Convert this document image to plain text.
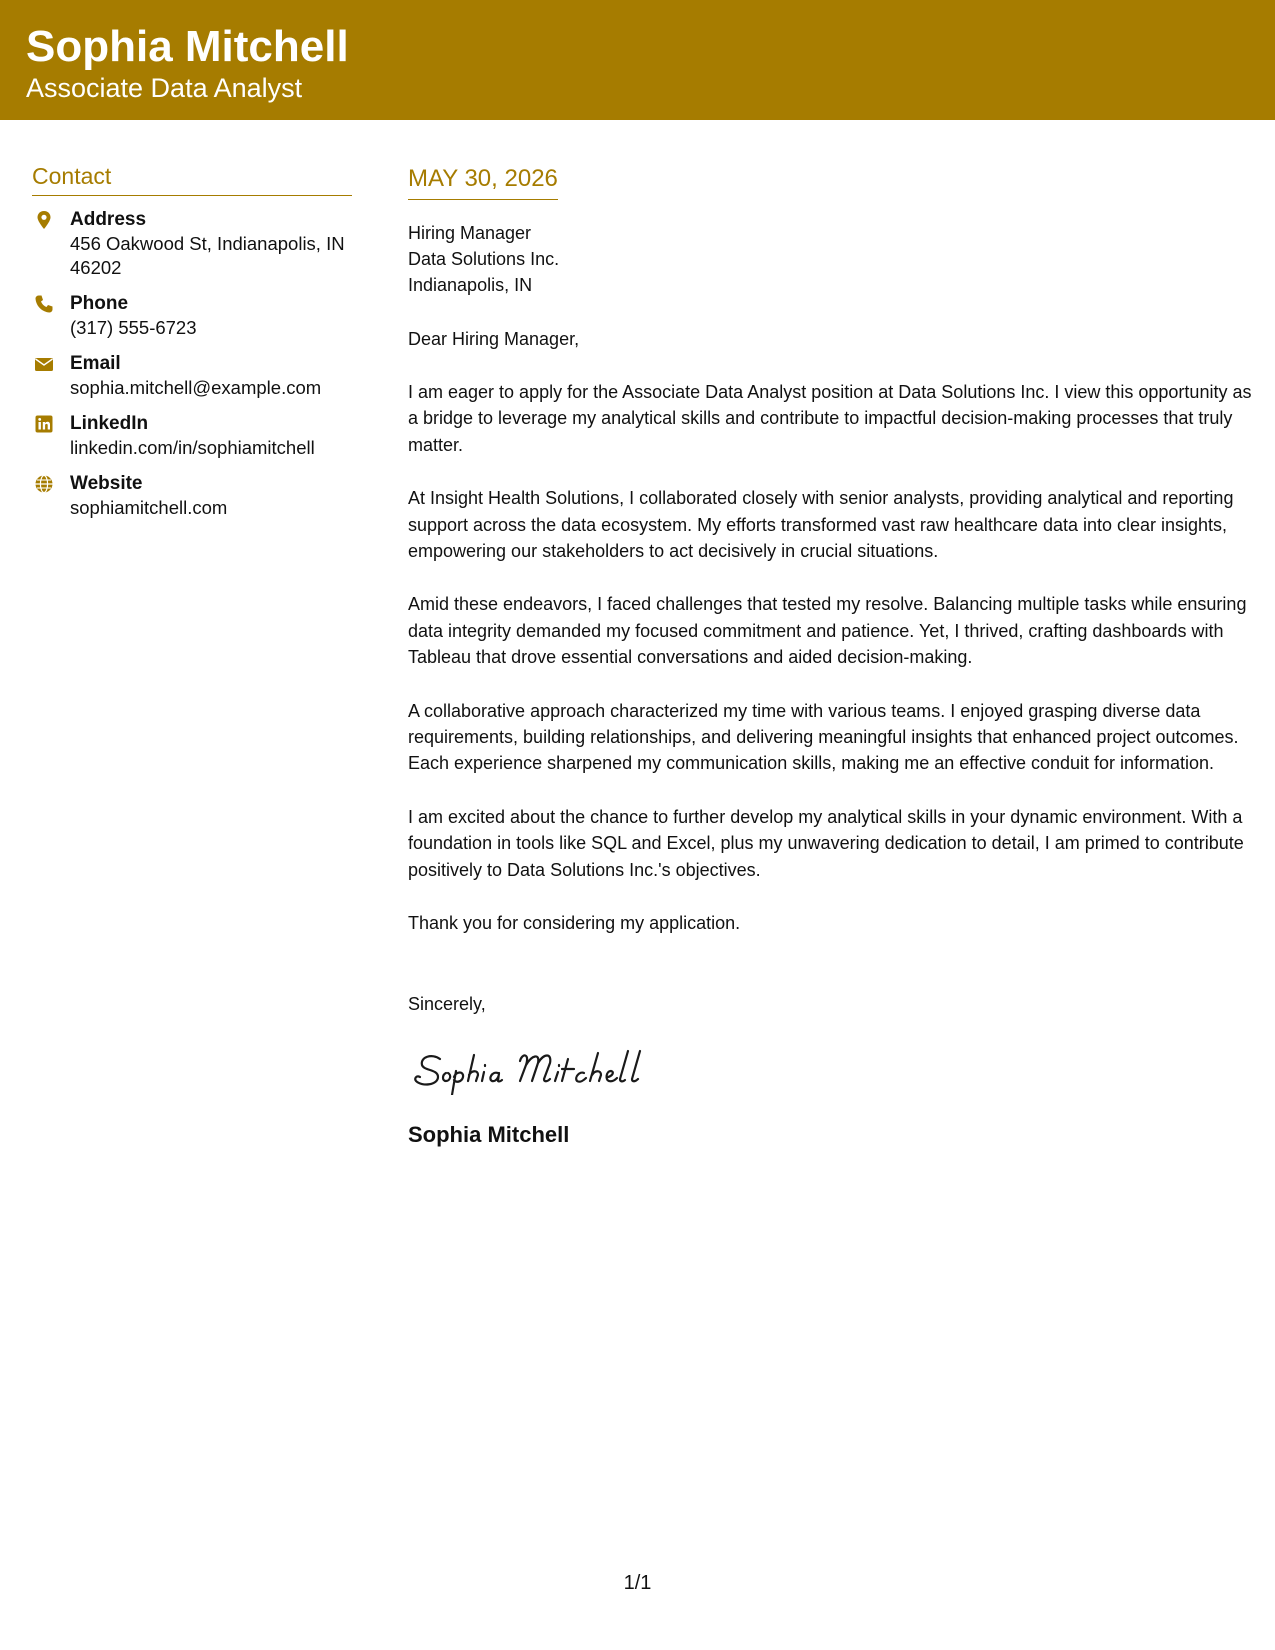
Sophia Mitchell
Associate Data Analyst
Contact
Address
456 Oakwood St, Indianapolis, IN 46202
Phone
(317) 555-6723
Email
sophia.mitchell@example.com
LinkedIn
linkedin.com/in/sophiamitchell
Website
sophiamitchell.com
MAY 30, 2026
Hiring Manager
Data Solutions Inc.
Indianapolis, IN
Dear Hiring Manager,
I am eager to apply for the Associate Data Analyst position at Data Solutions Inc. I view this opportunity as a bridge to leverage my analytical skills and contribute to impactful decision-making processes that truly matter.
At Insight Health Solutions, I collaborated closely with senior analysts, providing analytical and reporting support across the data ecosystem. My efforts transformed vast raw healthcare data into clear insights, empowering our stakeholders to act decisively in crucial situations.
Amid these endeavors, I faced challenges that tested my resolve. Balancing multiple tasks while ensuring data integrity demanded my focused commitment and patience. Yet, I thrived, crafting dashboards with Tableau that drove essential conversations and aided decision-making.
A collaborative approach characterized my time with various teams. I enjoyed grasping diverse data requirements, building relationships, and delivering meaningful insights that enhanced project outcomes. Each experience sharpened my communication skills, making me an effective conduit for information.
I am excited about the chance to further develop my analytical skills in your dynamic environment. With a foundation in tools like SQL and Excel, plus my unwavering dedication to detail, I am primed to contribute positively to Data Solutions Inc.'s objectives.
Thank you for considering my application.
Sincerely,
Sophia Mitchell
1/1
